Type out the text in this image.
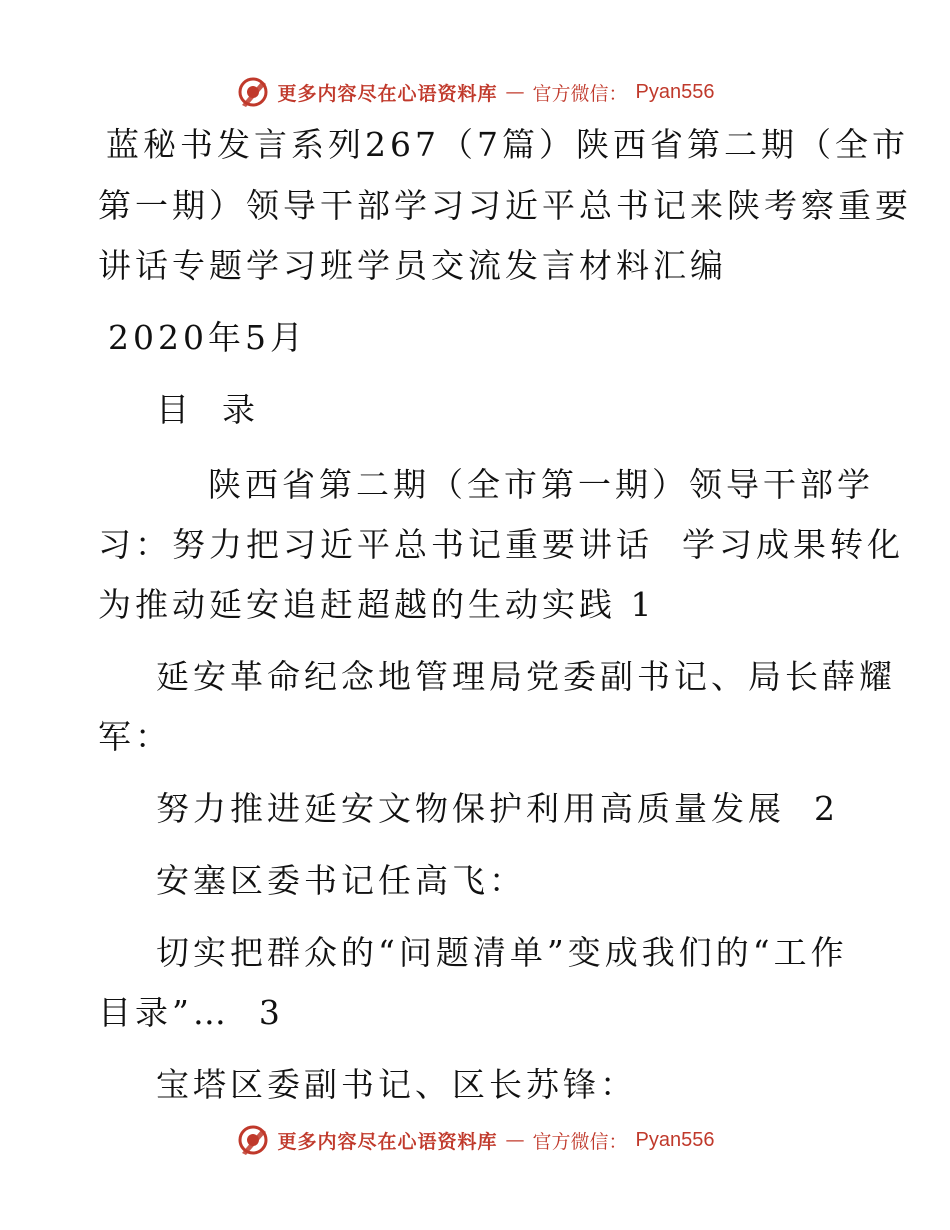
更多内容尽在心语资料库 — 官方微信： Pyan556
蓝秘书发言系列267（7篇）陕西省第二期（全市
第一期）领导干部学习习近平总书记来陕考察重要
讲话专题学习班学员交流发言材料汇编
2020年5月
目  录
陕西省第二期（全市第一期）领导干部学
习：努力把习近平总书记重要讲话  学习成果转化
为推动延安追赶超越的生动实践 1
延安革命纪念地管理局党委副书记、局长薛耀
军：
努力推进延安文物保护利用高质量发展  2
安塞区委书记任高飞：
切实把群众的“问题清单”变成我们的“工作
目录”…  3
宝塔区委副书记、区长苏锋：
更多内容尽在心语资料库 — 官方微信： Pyan556
